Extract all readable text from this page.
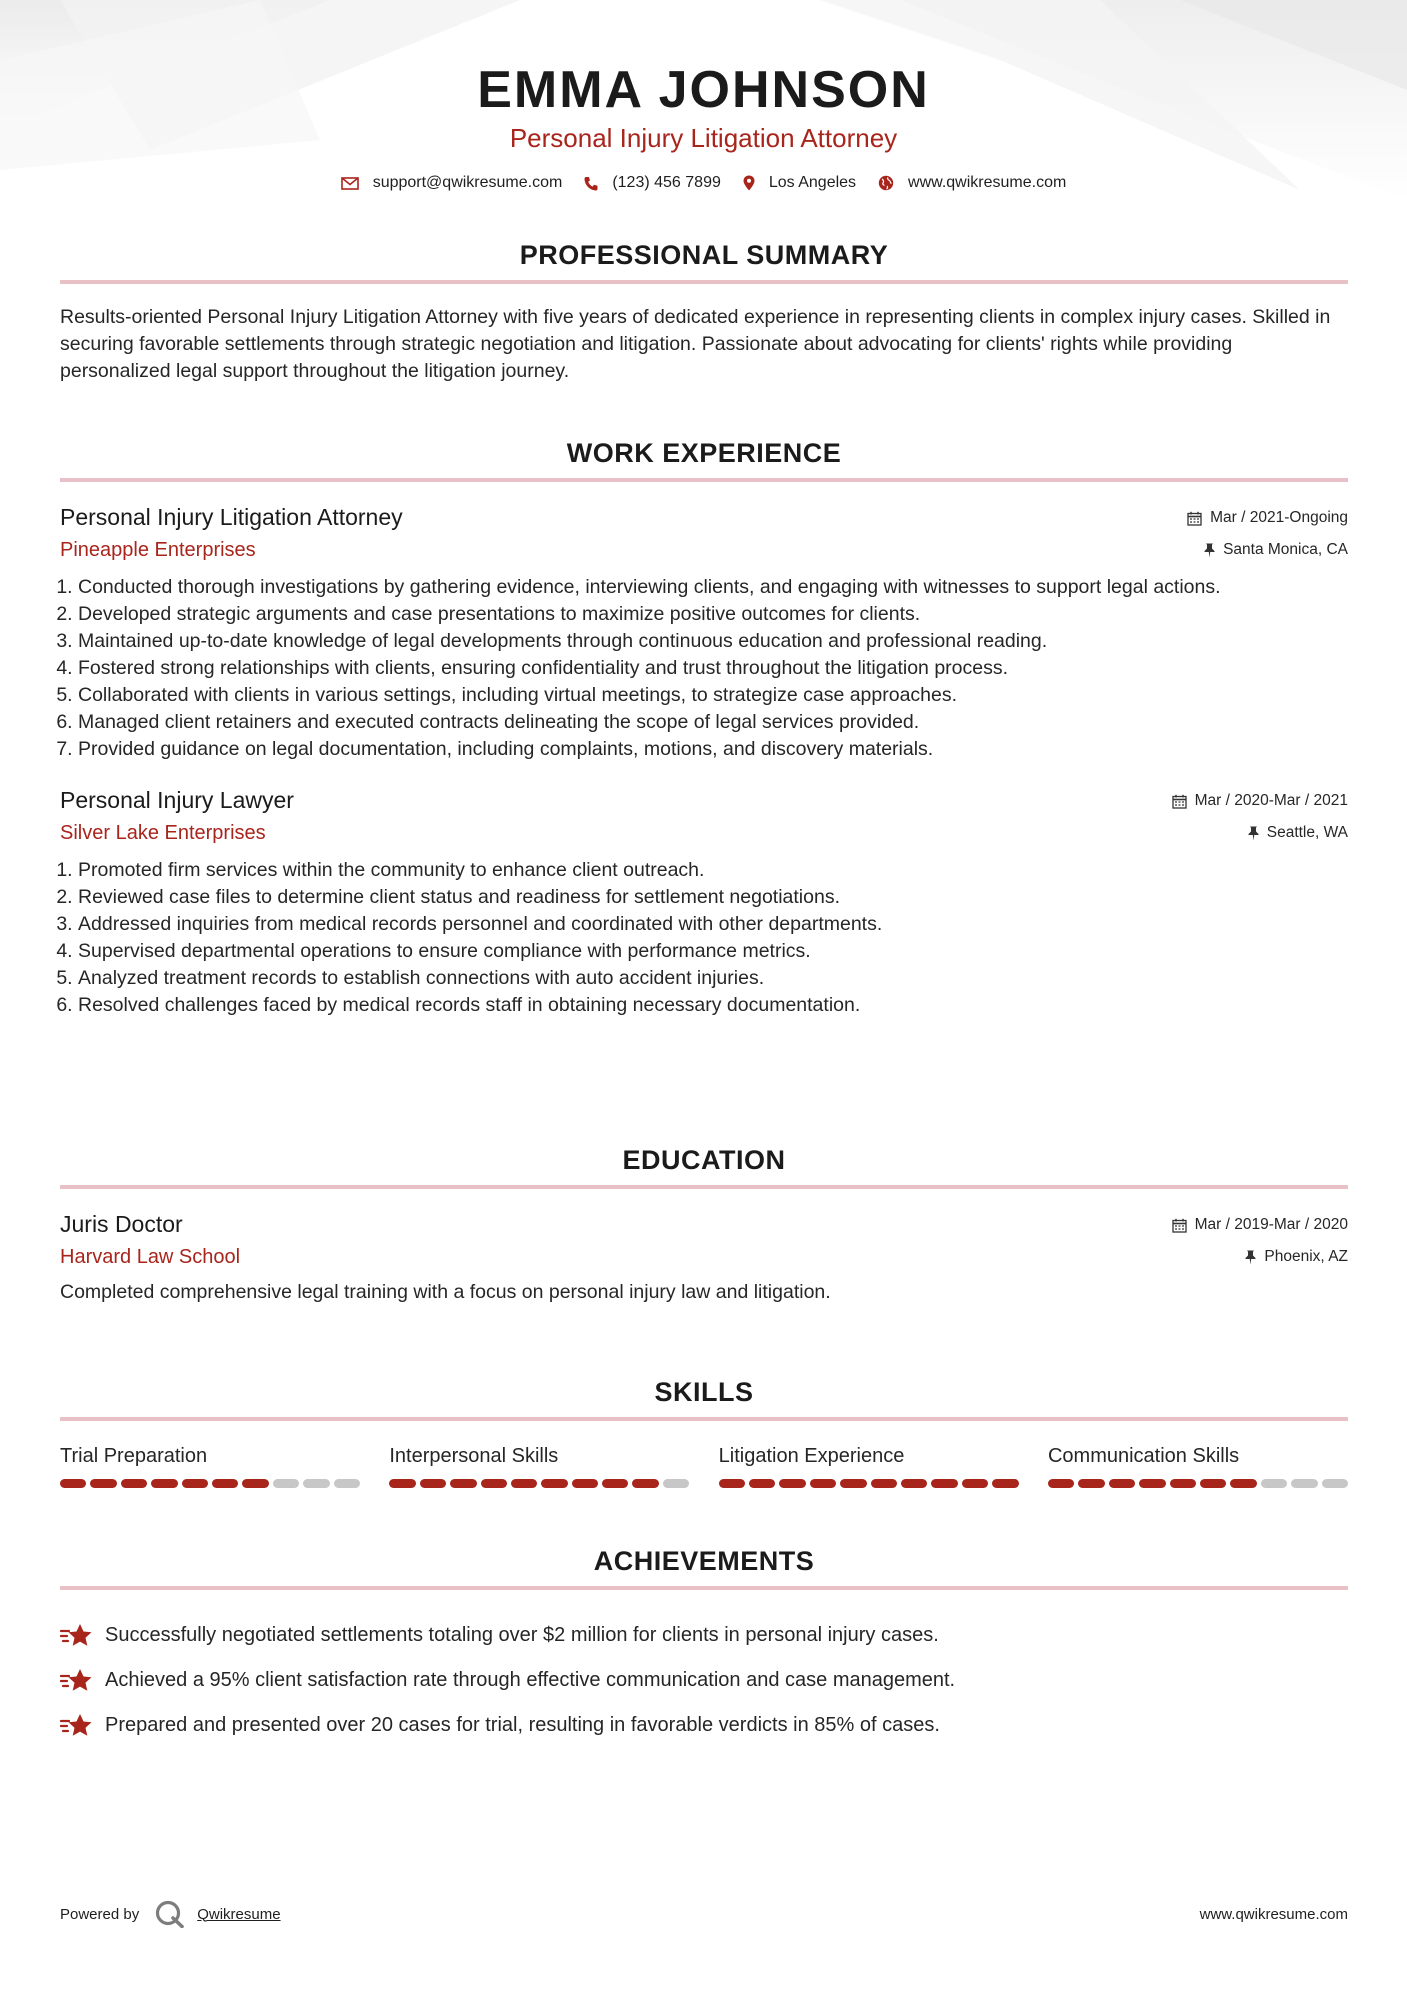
EMMA JOHNSON
Personal Injury Litigation Attorney
support@qwikresume.com	(123) 456 7899	Los Angeles	www.qwikresume.com
PROFESSIONAL SUMMARY
Results-oriented Personal Injury Litigation Attorney with five years of dedicated experience in representing clients in complex injury cases. Skilled in securing favorable settlements through strategic negotiation and litigation. Passionate about advocating for clients' rights while providing personalized legal support throughout the litigation journey.
WORK EXPERIENCE
Personal Injury Litigation Attorney
Pineapple Enterprises
Mar / 2021-Ongoing
Santa Monica, CA
1. Conducted thorough investigations by gathering evidence, interviewing clients, and engaging with witnesses to support legal actions.
2. Developed strategic arguments and case presentations to maximize positive outcomes for clients.
3. Maintained up-to-date knowledge of legal developments through continuous education and professional reading.
4. Fostered strong relationships with clients, ensuring confidentiality and trust throughout the litigation process.
5. Collaborated with clients in various settings, including virtual meetings, to strategize case approaches.
6. Managed client retainers and executed contracts delineating the scope of legal services provided.
7. Provided guidance on legal documentation, including complaints, motions, and discovery materials.
Personal Injury Lawyer
Silver Lake Enterprises
Mar / 2020-Mar / 2021
Seattle, WA
1. Promoted firm services within the community to enhance client outreach.
2. Reviewed case files to determine client status and readiness for settlement negotiations.
3. Addressed inquiries from medical records personnel and coordinated with other departments.
4. Supervised departmental operations to ensure compliance with performance metrics.
5. Analyzed treatment records to establish connections with auto accident injuries.
6. Resolved challenges faced by medical records staff in obtaining necessary documentation.
EDUCATION
Juris Doctor
Harvard Law School
Mar / 2019-Mar / 2020
Phoenix, AZ
Completed comprehensive legal training with a focus on personal injury law and litigation.
SKILLS
Trial Preparation	Interpersonal Skills	Litigation Experience	Communication Skills
ACHIEVEMENTS
Successfully negotiated settlements totaling over $2 million for clients in personal injury cases.
Achieved a 95% client satisfaction rate through effective communication and case management.
Prepared and presented over 20 cases for trial, resulting in favorable verdicts in 85% of cases.
Powered by	Qwikresume	www.qwikresume.com
